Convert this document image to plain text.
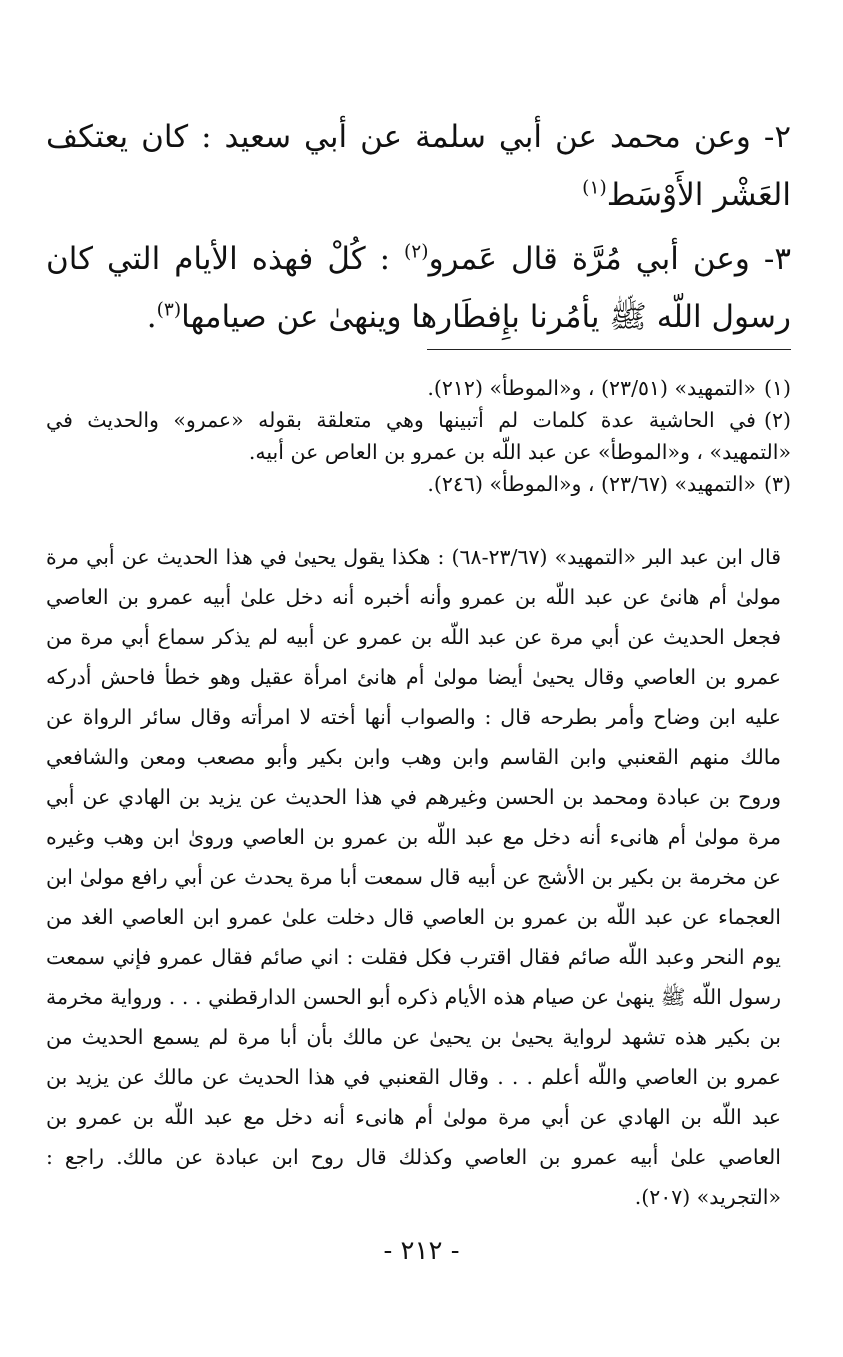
٢- وعن محمد عن أبي سلمة عن أبي سعيد : كان يعتكف العَشْر الأَوْسَط$^{(١)}$

٣- وعن أبي مُرَّة قال عَمرو$^{(٢)}$ : كُلْ فهذه الأيام التي كان رسول اللّه ﷺ يأمُرنا بإِفطَارها وينهىٰ عن صيامها$^{(٣)}$.

(١)«التمهيد» (٢٣/٥١) ، و«الموطأ» (٢١٢).

(٢)في الحاشية عدة كلمات لم أتبينها وهي متعلقة بقوله «عمرو» والحديث في «التمهيد» ، و«الموطأ» عن عبد اللّه بن عمرو بن العاص عن أبيه.

(٣)«التمهيد» (٢٣/٦٧) ، و«الموطأ» (٢٤٦).

قال ابن عبد البر «التمهيد» (٢٣/٦٧-٦٨) : هكذا يقول يحيىٰ في هذا الحديث عن أبي مرة مولىٰ أم هانئ عن عبد اللّه بن عمرو وأنه أخبره أنه دخل علىٰ أبيه عمرو بن العاصي فجعل الحديث عن أبي مرة عن عبد اللّه بن عمرو عن أبيه لم يذكر سماع أبي مرة من عمرو بن العاصي وقال يحيىٰ أيضا مولىٰ أم هانئ امرأة عقيل وهو خطأ فاحش أدركه عليه ابن وضاح وأمر بطرحه قال : والصواب أنها أخته لا امرأته وقال سائر الرواة عن مالك منهم القعنبي وابن القاسم وابن وهب وابن بكير وأبو مصعب ومعن والشافعي وروح بن عبادة ومحمد بن الحسن وغيرهم في هذا الحديث عن يزيد بن الهادي عن أبي مرة مولىٰ أم هانىء أنه دخل مع عبد اللّه بن عمرو بن العاصي وروىٰ ابن وهب وغيره عن مخرمة بن بكير بن الأشج عن أبيه قال سمعت أبا مرة يحدث عن أبي رافع مولىٰ ابن العجماء عن عبد اللّه بن عمرو بن العاصي قال دخلت علىٰ عمرو ابن العاصي الغد من يوم النحر وعبد اللّه صائم فقال اقترب فكل فقلت : اني صائم فقال عمرو فإني سمعت رسول اللّه ﷺ ينهىٰ عن صيام هذه الأيام ذكره أبو الحسن الدارقطني . . . ورواية مخرمة بن بكير هذه تشهد لرواية يحيىٰ بن يحيىٰ عن مالك بأن أبا مرة لم يسمع الحديث من عمرو بن العاصي واللّه أعلم . . . وقال القعنبي في هذا الحديث عن مالك عن يزيد بن عبد اللّه بن الهادي عن أبي مرة مولىٰ أم هانىء أنه دخل مع عبد اللّه بن عمرو بن العاصي علىٰ أبيه عمرو بن العاصي وكذلك قال روح ابن عبادة عن مالك. راجع : «التجريد» (٢٠٧).

- ٢١٢ -
